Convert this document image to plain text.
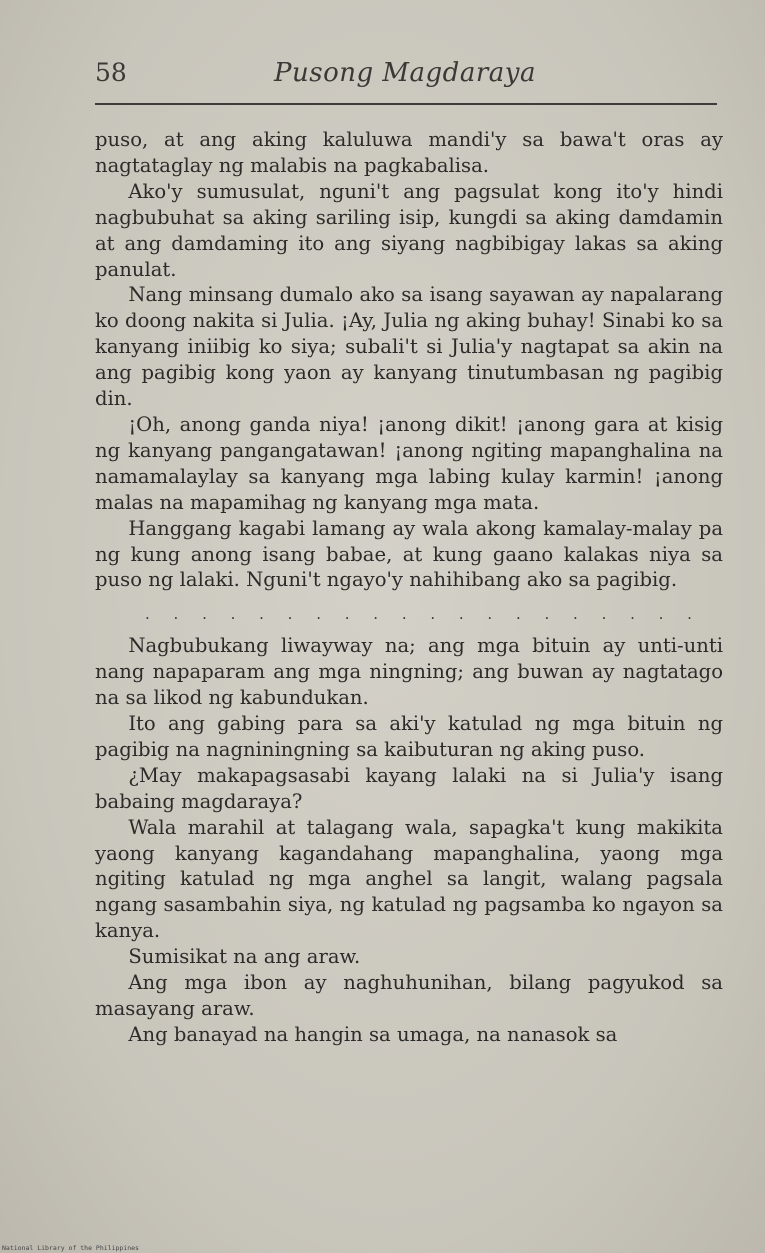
58	Pusong Magdaraya

puso, at ang aking kaluluwa mandi'y sa bawa't oras ay nagtataglay ng malabis na pagkabalisa.

Ako'y sumusulat, nguni't ang pagsulat kong ito'y hindi nagbubuhat sa aking sariling isip, kungdi sa aking damdamin at ang damdaming ito ang siyang nagbibigay lakas sa aking panulat.

Nang minsang dumalo ako sa isang sayawan ay napalarang ko doong nakita si Julia. ¡Ay, Julia ng aking buhay! Sinabi ko sa kanyang iniibig ko siya; subali't si Julia'y nagtapat sa akin na ang pagibig kong yaon ay kanyang tinutumbasan ng pagibig din.

¡Oh, anong ganda niya! ¡anong dikit! ¡anong gara at kisig ng kanyang pangangatawan! ¡anong ngiting mapanghalina na namamalaylay sa kanyang mga labing kulay karmin! ¡anong malas na mapamihag ng kanyang mga mata.

Hanggang kagabi lamang ay wala akong kamalay-malay pa ng kung anong isang babae, at kung gaano kalakas niya sa puso ng lalaki. Nguni't ngayo'y nahihibang ako sa pagibig.

. . . . . . . . . . . . . . . . . . . .

Nagbubukang liwayway na; ang mga bituin ay unti-unti nang napaparam ang mga ningning; ang buwan ay nagtatago na sa likod ng kabundukan.

Ito ang gabing para sa aki'y katulad ng mga bituin ng pagibig na nagniningning sa kaibuturan ng aking puso.

¿May makapagsasabi kayang lalaki na si Julia'y isang babaing magdaraya?

Wala marahil at talagang wala, sapagka't kung makikita yaong kanyang kagandahang mapanghalina, yaong mga ngiting katulad ng mga anghel sa langit, walang pagsala ngang sasambahin siya, ng katulad ng pagsamba ko ngayon sa kanya.

Sumisikat na ang araw.

Ang mga ibon ay naghuhunihan, bilang pagyukod sa masayang araw.

Ang banayad na hangin sa umaga, na nanasok sa

National Library of the Philippines
